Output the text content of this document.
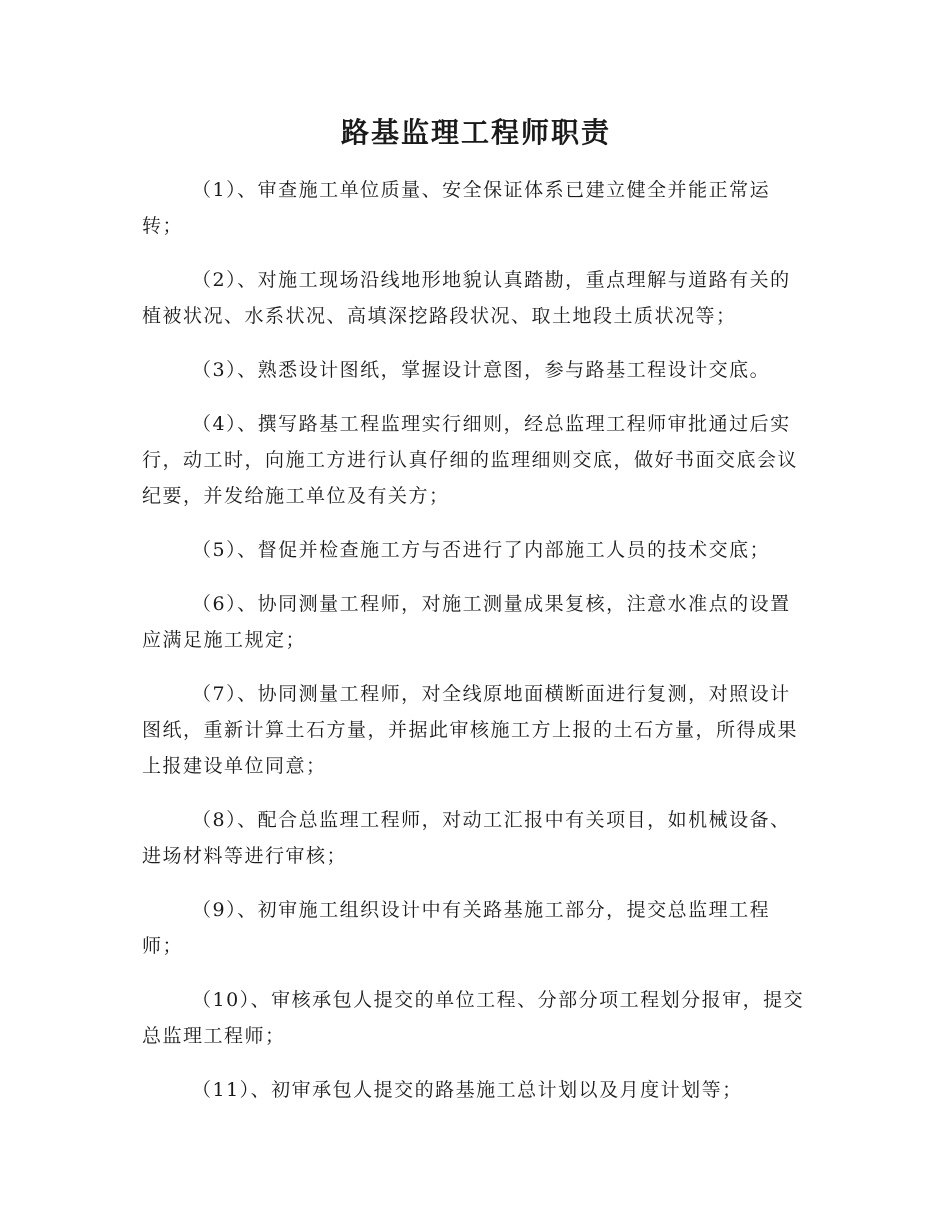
路基监理工程师职责

（1）、审查施工单位质量、安全保证体系已建立健全并能正常运转；

（2）、对施工现场沿线地形地貌认真踏勘，重点理解与道路有关的植被状况、水系状况、高填深挖路段状况、取土地段土质状况等；

（3）、熟悉设计图纸，掌握设计意图，参与路基工程设计交底。

（4）、撰写路基工程监理实行细则，经总监理工程师审批通过后实行，动工时，向施工方进行认真仔细的监理细则交底，做好书面交底会议纪要，并发给施工单位及有关方；

（5）、督促并检查施工方与否进行了内部施工人员的技术交底；

（6）、协同测量工程师，对施工测量成果复核，注意水准点的设置应满足施工规定；

（7）、协同测量工程师，对全线原地面横断面进行复测，对照设计图纸，重新计算土石方量，并据此审核施工方上报的土石方量，所得成果上报建设单位同意；

（8）、配合总监理工程师，对动工汇报中有关项目，如机械设备、进场材料等进行审核；

（9）、初审施工组织设计中有关路基施工部分，提交总监理工程师；

（10）、审核承包人提交的单位工程、分部分项工程划分报审，提交总监理工程师；

（11）、初审承包人提交的路基施工总计划以及月度计划等；
